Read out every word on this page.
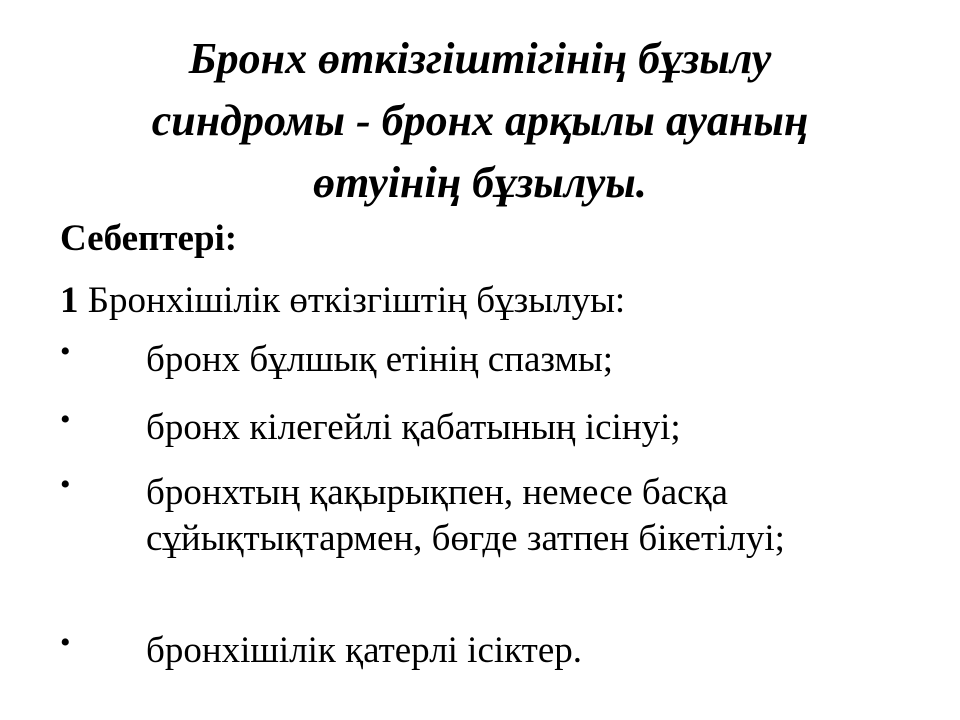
Бронх өткізгіштігінің бұзылу
синдромы - бронх арқылы ауаның
өтуінің бұзылуы.

Себептері:

1 Бронхішілік өткізгіштің бұзылуы:

• бронх бұлшық етінің спазмы;
• бронх кілегейлі қабатының ісінуі;
• бронхтың қақырықпен, немесе басқа сұйықтықтармен, бөгде затпен бікетілуі;
• бронхішілік қатерлі ісіктер.
